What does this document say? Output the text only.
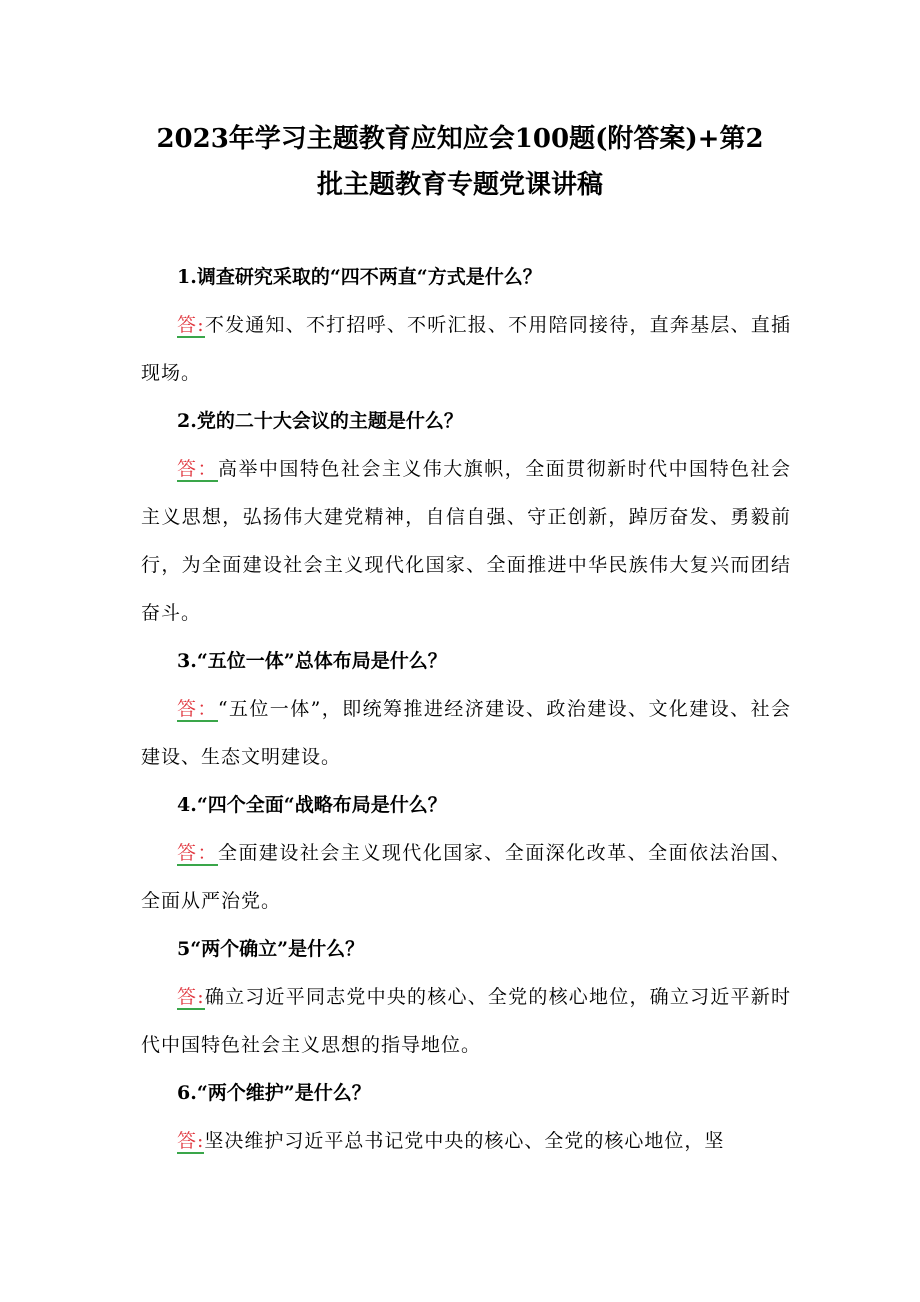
2023年学习主题教育应知应会100题(附答案)+第2
批主题教育专题党课讲稿

1.调查研究采取的“四不两直“方式是什么？

答:不发通知、不打招呼、不听汇报、不用陪同接待，直奔基层、直插现场。

2.党的二十大会议的主题是什么？

答：高举中国特色社会主义伟大旗帜，全面贯彻新时代中国特色社会主义思想，弘扬伟大建党精神，自信自强、守正创新，踔厉奋发、勇毅前行，为全面建设社会主义现代化国家、全面推进中华民族伟大复兴而团结奋斗。

3.“五位一体”总体布局是什么？

答：“五位一体”，即统筹推进经济建设、政治建设、文化建设、社会建设、生态文明建设。

4.“四个全面“战略布局是什么？

答：全面建设社会主义现代化国家、全面深化改革、全面依法治国、全面从严治党。

5“两个确立”是什么？

答:确立习近平同志党中央的核心、全党的核心地位，确立习近平新时代中国特色社会主义思想的指导地位。

6.“两个维护”是什么？

答:坚决维护习近平总书记党中央的核心、全党的核心地位，坚
